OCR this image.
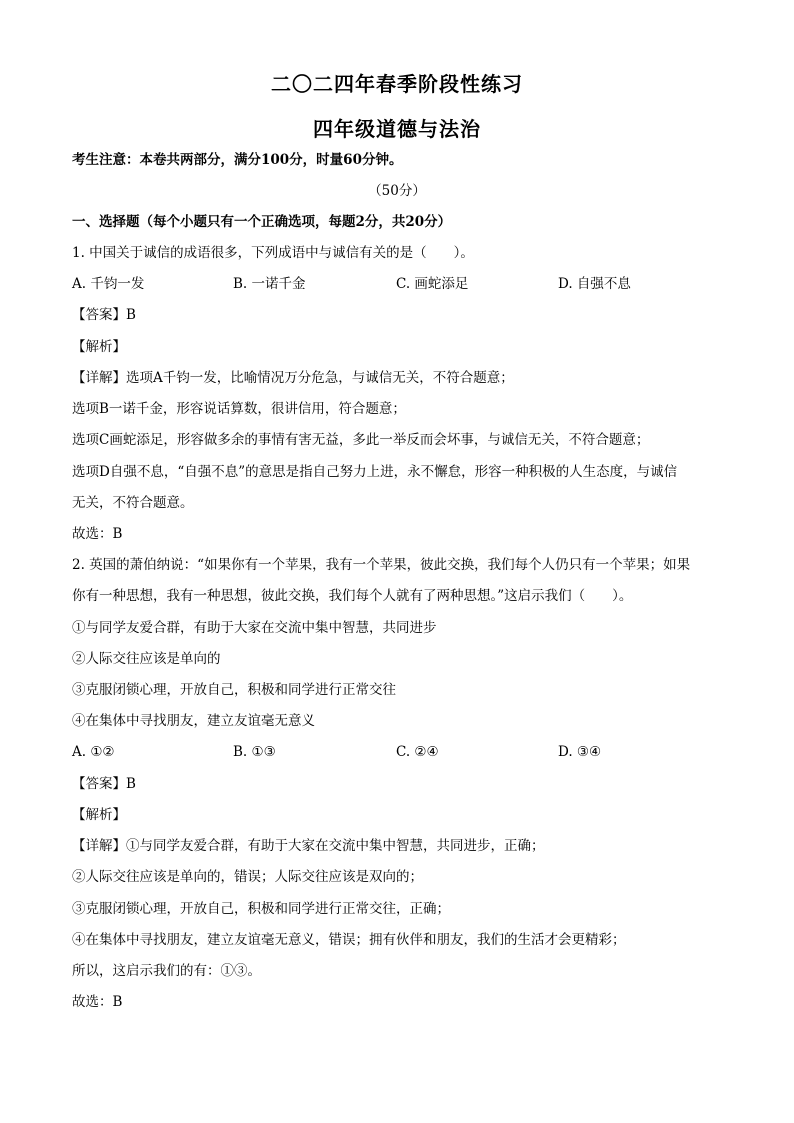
二〇二四年春季阶段性练习
四年级道德与法治
考生注意：本卷共两部分，满分100分，时量60分钟。
（50分）
一、选择题（每个小题只有一个正确选项，每题2分，共20分）
1. 中国关于诚信的成语很多，下列成语中与诚信有关的是（　　）。
A. 千钧一发	B. 一诺千金	C. 画蛇添足	D. 自强不息
【答案】B
【解析】
【详解】选项A千钧一发，比喻情况万分危急，与诚信无关，不符合题意；
选项B一诺千金，形容说话算数，很讲信用，符合题意；
选项C画蛇添足，形容做多余的事情有害无益，多此一举反而会坏事，与诚信无关，不符合题意；
选项D自强不息，“自强不息”的意思是指自己努力上进，永不懈怠，形容一种积极的人生态度，与诚信
无关，不符合题意。
故选：B
2. 英国的萧伯纳说：“如果你有一个苹果，我有一个苹果，彼此交换，我们每个人仍只有一个苹果；如果
你有一种思想，我有一种思想，彼此交换，我们每个人就有了两种思想。”这启示我们（　　）。
①与同学友爱合群，有助于大家在交流中集中智慧，共同进步
②人际交往应该是单向的
③克服闭锁心理，开放自己，积极和同学进行正常交往
④在集体中寻找朋友，建立友谊毫无意义
A. ①②	B. ①③	C. ②④	D. ③④
【答案】B
【解析】
【详解】①与同学友爱合群，有助于大家在交流中集中智慧，共同进步，正确；
②人际交往应该是单向的，错误；人际交往应该是双向的；
③克服闭锁心理，开放自己，积极和同学进行正常交往，正确；
④在集体中寻找朋友，建立友谊毫无意义，错误；拥有伙伴和朋友，我们的生活才会更精彩；
所以，这启示我们的有：①③。
故选：B
